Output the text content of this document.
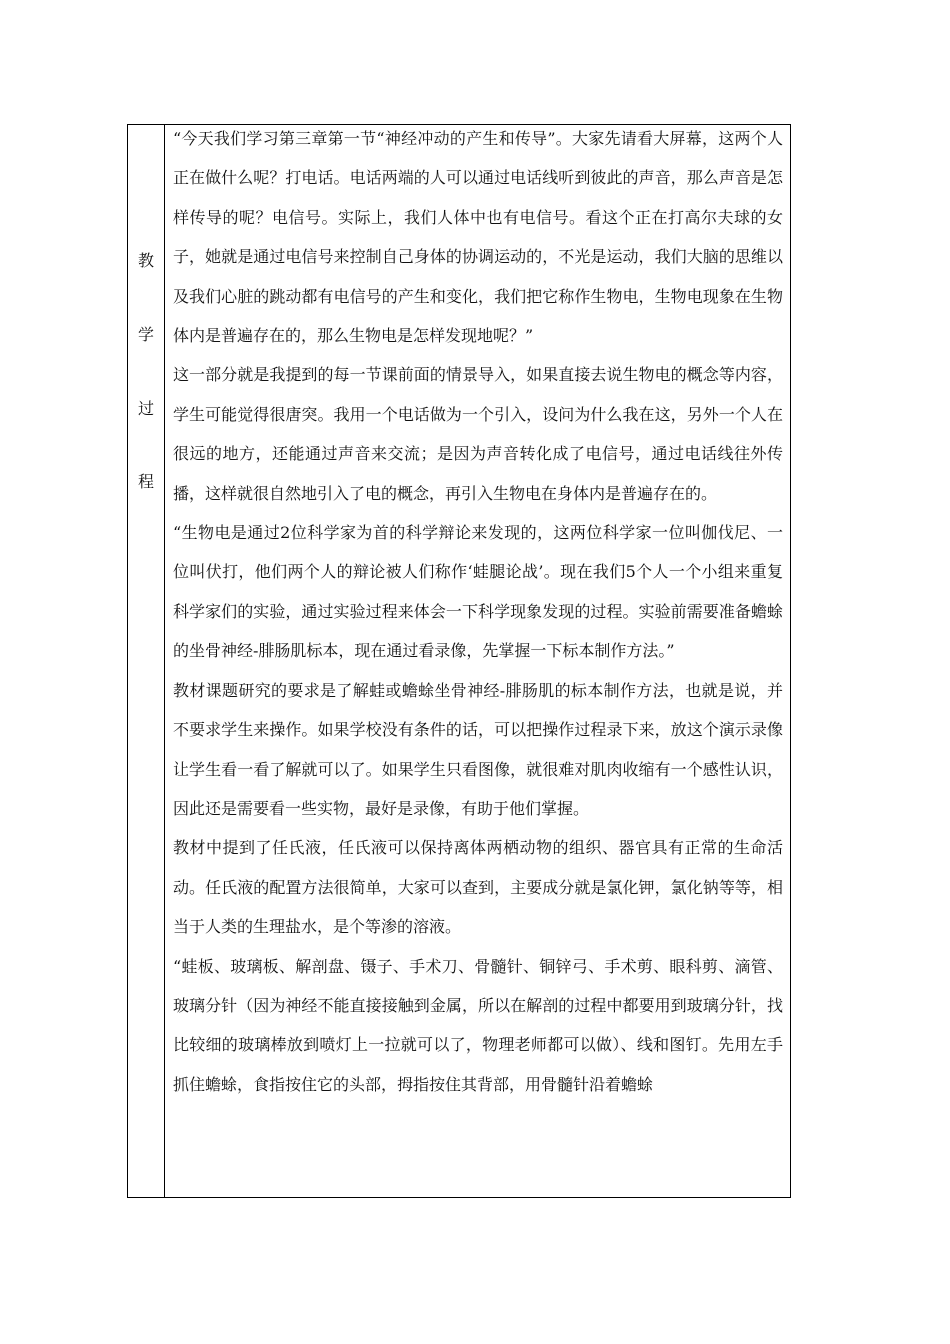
教
学
过
程

“今天我们学习第三章第一节“神经冲动的产生和传导”。大家先请看大屏幕，这两个人正在做什么呢？打电话。电话两端的人可以通过电话线听到彼此的声音，那么声音是怎样传导的呢？电信号。实际上，我们人体中也有电信号。看这个正在打高尔夫球的女子，她就是通过电信号来控制自己身体的协调运动的，不光是运动，我们大脑的思维以及我们心脏的跳动都有电信号的产生和变化，我们把它称作生物电，生物电现象在生物体内是普遍存在的，那么生物电是怎样发现地呢？”

这一部分就是我提到的每一节课前面的情景导入，如果直接去说生物电的概念等内容，学生可能觉得很唐突。我用一个电话做为一个引入，设问为什么我在这，另外一个人在很远的地方，还能通过声音来交流；是因为声音转化成了电信号，通过电话线往外传播，这样就很自然地引入了电的概念，再引入生物电在身体内是普遍存在的。

“生物电是通过2位科学家为首的科学辩论来发现的，这两位科学家一位叫伽伐尼、一位叫伏打，他们两个人的辩论被人们称作‘蛙腿论战’。现在我们5个人一个小组来重复科学家们的实验，通过实验过程来体会一下科学现象发现的过程。实验前需要准备蟾蜍的坐骨神经-腓肠肌标本，现在通过看录像，先掌握一下标本制作方法。”

教材课题研究的要求是了解蛙或蟾蜍坐骨神经-腓肠肌的标本制作方法，也就是说，并不要求学生来操作。如果学校没有条件的话，可以把操作过程录下来，放这个演示录像让学生看一看了解就可以了。如果学生只看图像，就很难对肌肉收缩有一个感性认识，因此还是需要看一些实物，最好是录像，有助于他们掌握。

教材中提到了任氏液，任氏液可以保持离体两栖动物的组织、器官具有正常的生命活动。任氏液的配置方法很简单，大家可以查到，主要成分就是氯化钾，氯化钠等等，相当于人类的生理盐水，是个等渗的溶液。

“蛙板、玻璃板、解剖盘、镊子、手术刀、骨髓针、铜锌弓、手术剪、眼科剪、滴管、玻璃分针（因为神经不能直接接触到金属，所以在解剖的过程中都要用到玻璃分针，找比较细的玻璃棒放到喷灯上一拉就可以了，物理老师都可以做）、线和图钉。先用左手抓住蟾蜍，食指按住它的头部，拇指按住其背部，用骨髓针沿着蟾蜍
